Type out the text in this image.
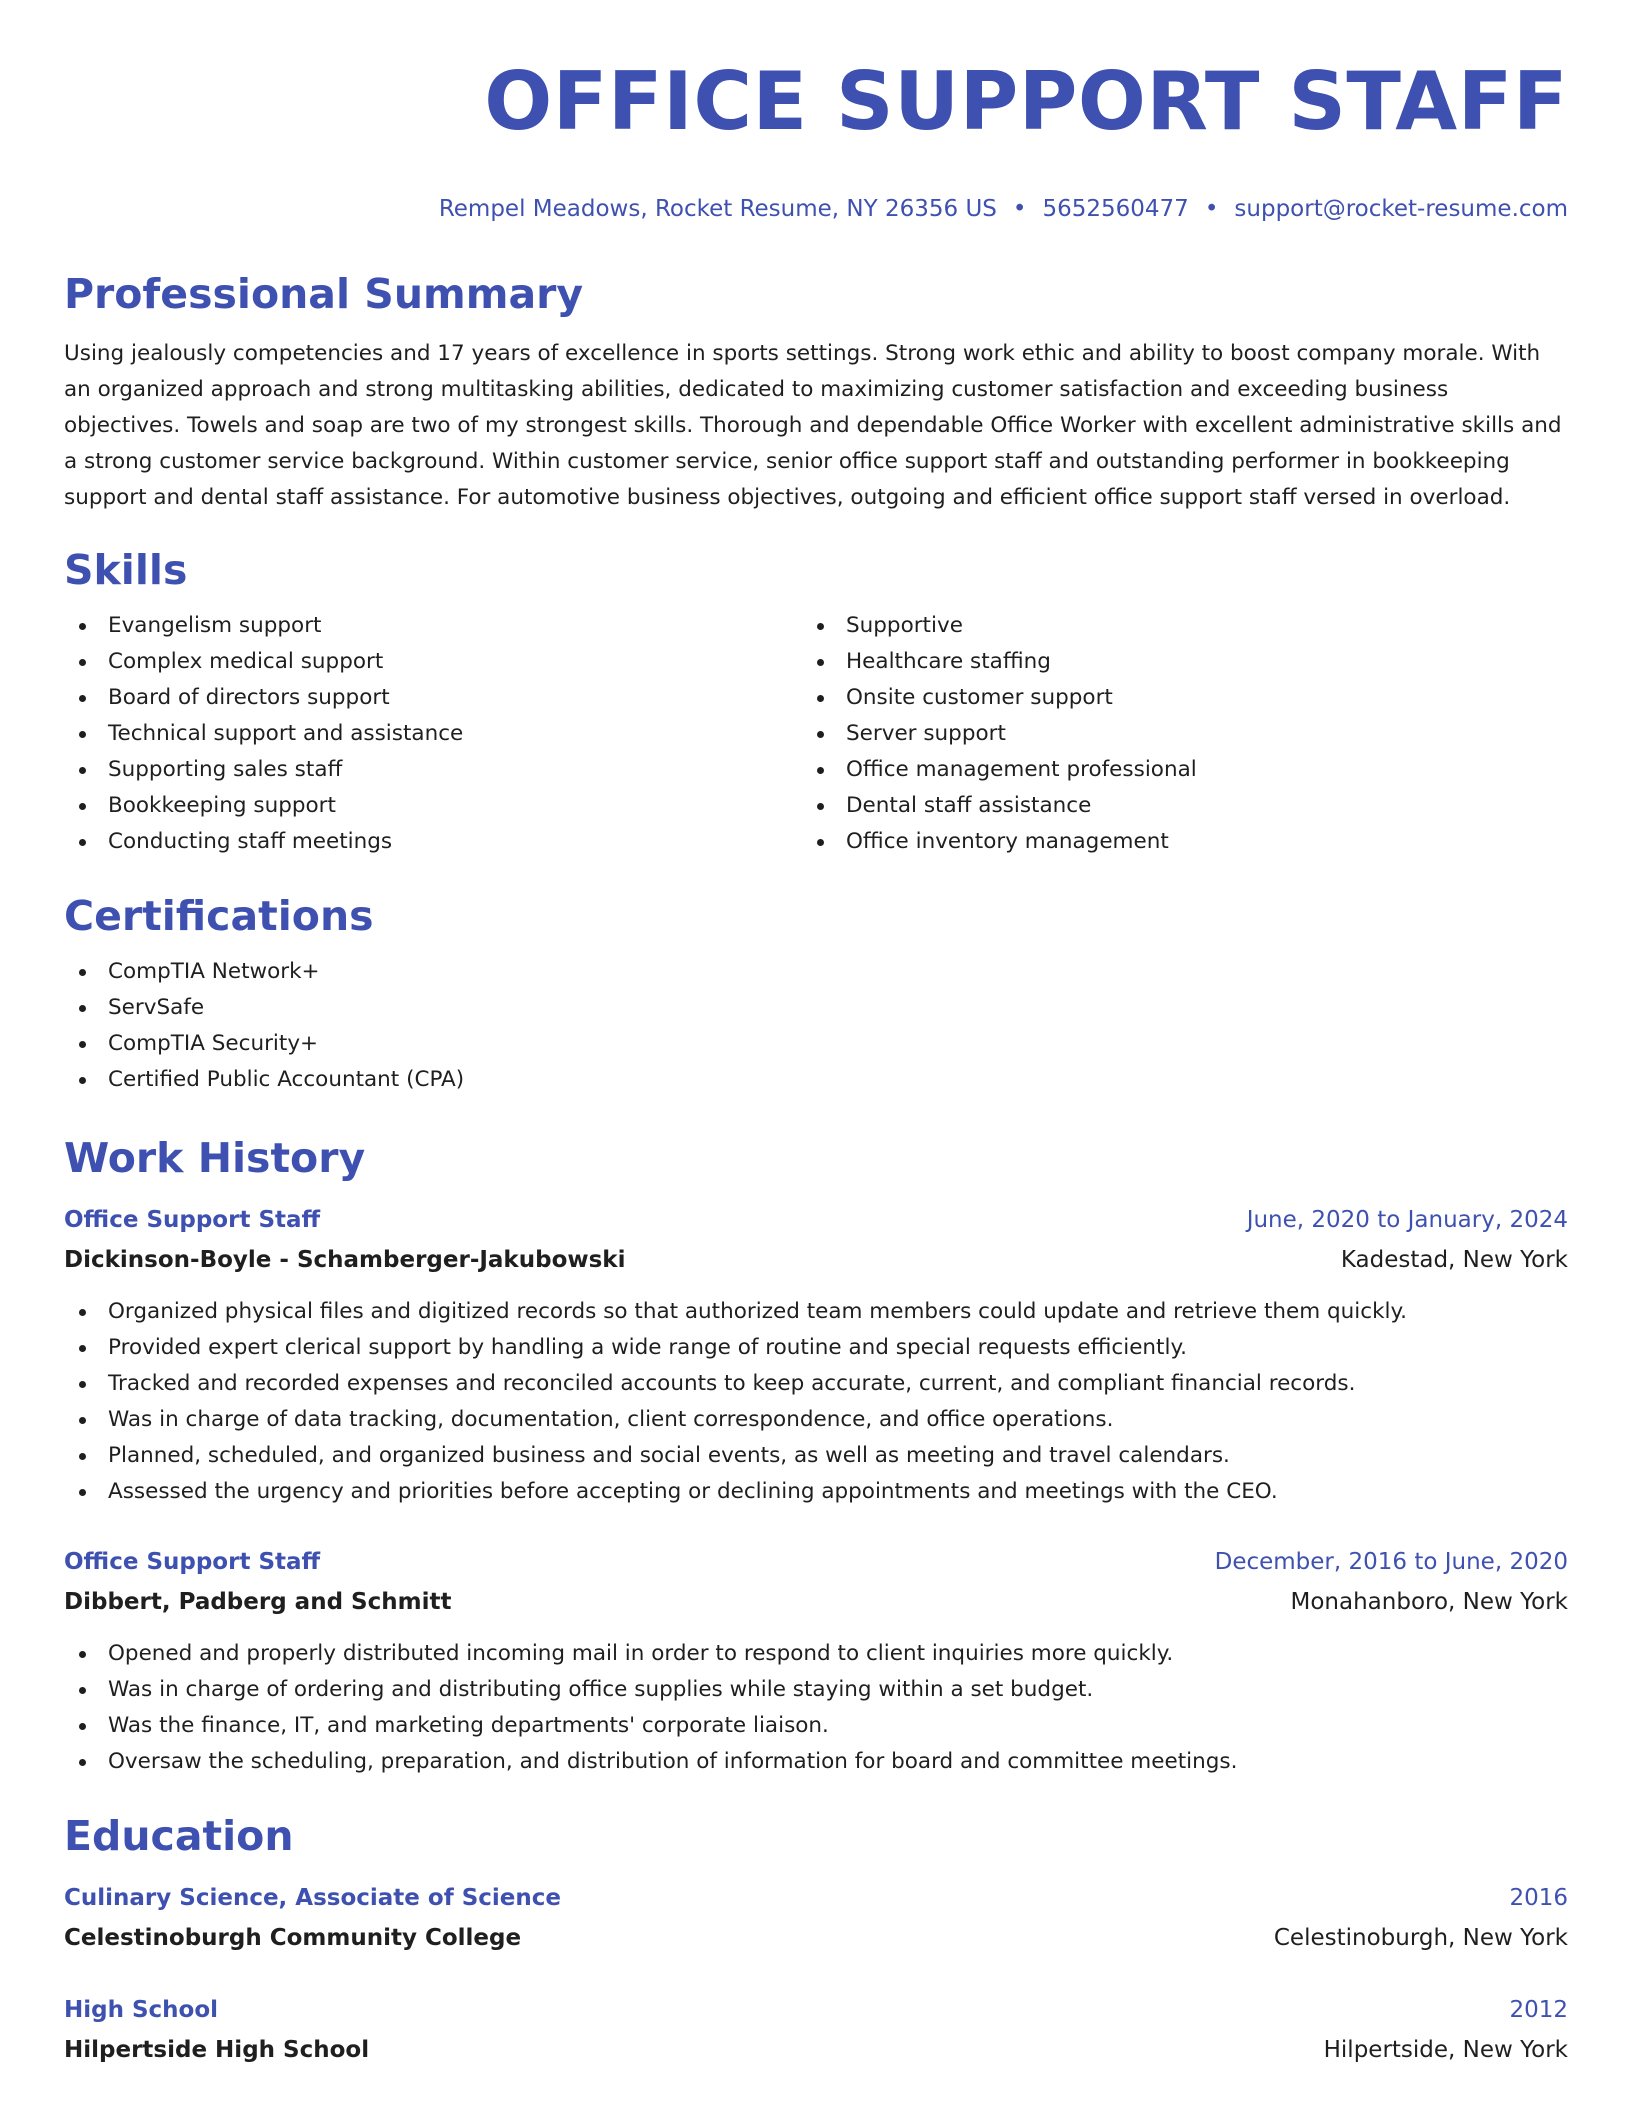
OFFICE SUPPORT STAFF
Rempel Meadows, Rocket Resume, NY 26356 US • 5652560477 • support@rocket-resume.com
Professional Summary
Using jealously competencies and 17 years of excellence in sports settings. Strong work ethic and ability to boost company morale. With an organized approach and strong multitasking abilities, dedicated to maximizing customer satisfaction and exceeding business objectives. Towels and soap are two of my strongest skills. Thorough and dependable Office Worker with excellent administrative skills and a strong customer service background. Within customer service, senior office support staff and outstanding performer in bookkeeping support and dental staff assistance. For automotive business objectives, outgoing and efficient office support staff versed in overload.
Skills
Evangelism support
Complex medical support
Board of directors support
Technical support and assistance
Supporting sales staff
Bookkeeping support
Conducting staff meetings
Supportive
Healthcare staffing
Onsite customer support
Server support
Office management professional
Dental staff assistance
Office inventory management
Certifications
CompTIA Network+
ServSafe
CompTIA Security+
Certified Public Accountant (CPA)
Work History
Office Support Staff	June, 2020 to January, 2024
Dickinson-Boyle - Schamberger-Jakubowski	Kadestad, New York
Organized physical files and digitized records so that authorized team members could update and retrieve them quickly.
Provided expert clerical support by handling a wide range of routine and special requests efficiently.
Tracked and recorded expenses and reconciled accounts to keep accurate, current, and compliant financial records.
Was in charge of data tracking, documentation, client correspondence, and office operations.
Planned, scheduled, and organized business and social events, as well as meeting and travel calendars.
Assessed the urgency and priorities before accepting or declining appointments and meetings with the CEO.
Office Support Staff	December, 2016 to June, 2020
Dibbert, Padberg and Schmitt	Monahanboro, New York
Opened and properly distributed incoming mail in order to respond to client inquiries more quickly.
Was in charge of ordering and distributing office supplies while staying within a set budget.
Was the finance, IT, and marketing departments' corporate liaison.
Oversaw the scheduling, preparation, and distribution of information for board and committee meetings.
Education
Culinary Science, Associate of Science	2016
Celestinoburgh Community College	Celestinoburgh, New York
High School	2012
Hilpertside High School	Hilpertside, New York
